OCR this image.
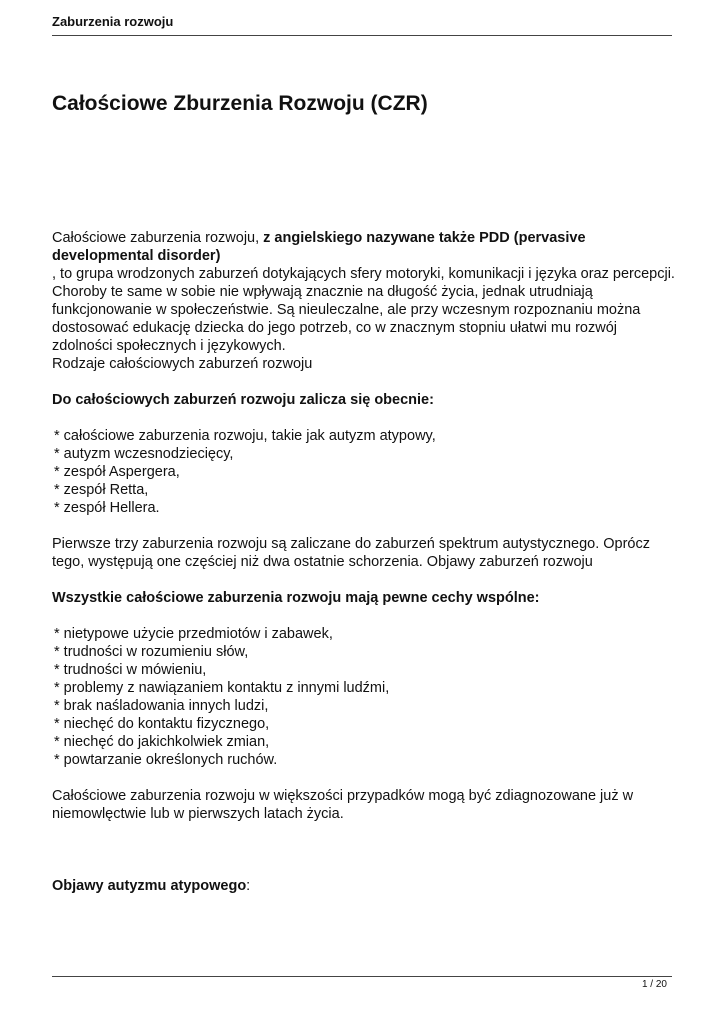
Zaburzenia rozwoju
Całościowe Zburzenia Rozwoju (CZR)

Całościowe zaburzenia rozwoju, z angielskiego nazywane także PDD (pervasive developmental disorder)

, to grupa wrodzonych zaburzeń dotykających sfery motoryki, komunikacji i języka oraz percepcji. Choroby te same w sobie nie wpływają znacznie na długość życia, jednak utrudniają funkcjonowanie w społeczeństwie. Są nieuleczalne, ale przy wczesnym rozpoznaniu można dostosować edukację dziecka do jego potrzeb, co w znacznym stopniu ułatwi mu rozwój zdolności społecznych i językowych.

Rodzaje całościowych zaburzeń rozwoju

Do całościowych zaburzeń rozwoju zalicza się obecnie:

* całościowe zaburzenia rozwoju, takie jak autyzm atypowy,
* autyzm wczesnodziecięcy,
* zespół Aspergera,
* zespół Retta,
* zespół Hellera.

Pierwsze trzy zaburzenia rozwoju są zaliczane do zaburzeń spektrum autystycznego. Oprócz tego, występują one częściej niż dwa ostatnie schorzenia. Objawy zaburzeń rozwoju

Wszystkie całościowe zaburzenia rozwoju mają pewne cechy wspólne:

* nietypowe użycie przedmiotów i zabawek,
* trudności w rozumieniu słów,
* trudności w mówieniu,
* problemy z nawiązaniem kontaktu z innymi ludźmi,
* brak naśladowania innych ludzi,
* niechęć do kontaktu fizycznego,
* niechęć do jakichkolwiek zmian,
* powtarzanie określonych ruchów.

Całościowe zaburzenia rozwoju w większości przypadków mogą być zdiagnozowane już w niemowlęctwie lub w pierwszych latach życia.

Objawy autyzmu atypowego:

1 / 20
